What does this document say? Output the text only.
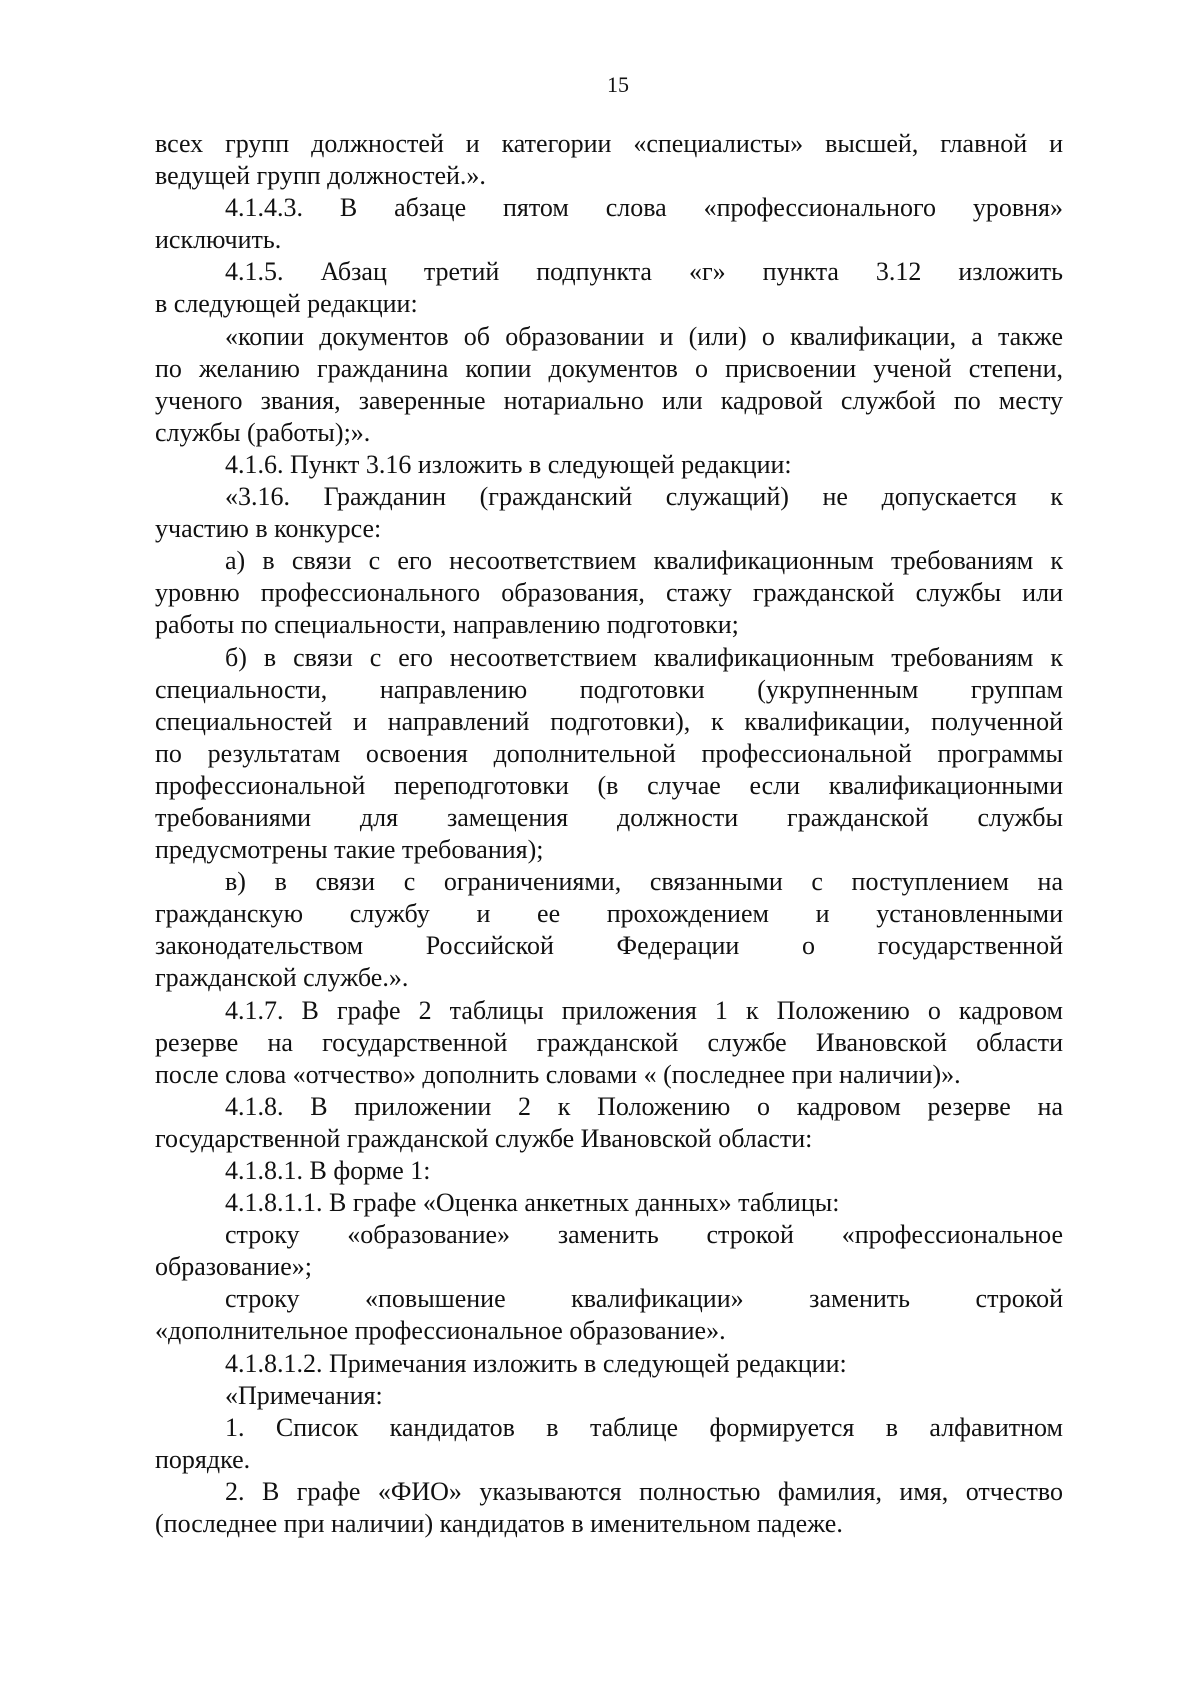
15
всех групп должностей и категории «специалисты» высшей, главной и
ведущей групп должностей.».
4.1.4.3. В абзаце пятом слова «профессионального уровня»
исключить.
4.1.5. Абзац третий подпункта «г» пункта 3.12 изложить
в следующей редакции:
«копии документов об образовании и (или) о квалификации, а также
по желанию гражданина копии документов о присвоении ученой степени,
ученого звания, заверенные нотариально или кадровой службой по месту
службы (работы);».
4.1.6. Пункт 3.16 изложить в следующей редакции:
«3.16. Гражданин (гражданский служащий) не допускается к
участию в конкурсе:
а) в связи с его несоответствием квалификационным требованиям к
уровню профессионального образования, стажу гражданской службы или
работы по специальности, направлению подготовки;
б) в связи с его несоответствием квалификационным требованиям к
специальности, направлению подготовки (укрупненным группам
специальностей и направлений подготовки), к квалификации, полученной
по результатам освоения дополнительной профессиональной программы
профессиональной переподготовки (в случае если квалификационными
требованиями для замещения должности гражданской службы
предусмотрены такие требования);
в) в связи с ограничениями, связанными с поступлением на
гражданскую службу и ее прохождением и установленными
законодательством Российской Федерации о государственной
гражданской службе.».
4.1.7. В графе 2 таблицы приложения 1 к Положению о кадровом
резерве на государственной гражданской службе Ивановской области
после слова «отчество» дополнить словами « (последнее при наличии)».
4.1.8. В приложении 2 к Положению о кадровом резерве на
государственной гражданской службе Ивановской области:
4.1.8.1. В форме 1:
4.1.8.1.1. В графе «Оценка анкетных данных» таблицы:
строку «образование» заменить строкой «профессиональное
образование»;
строку «повышение квалификации» заменить строкой
«дополнительное профессиональное образование».
4.1.8.1.2. Примечания изложить в следующей редакции:
«Примечания:
1. Список кандидатов в таблице формируется в алфавитном
порядке.
2. В графе «ФИО» указываются полностью фамилия, имя, отчество
(последнее при наличии) кандидатов в именительном падеже.
